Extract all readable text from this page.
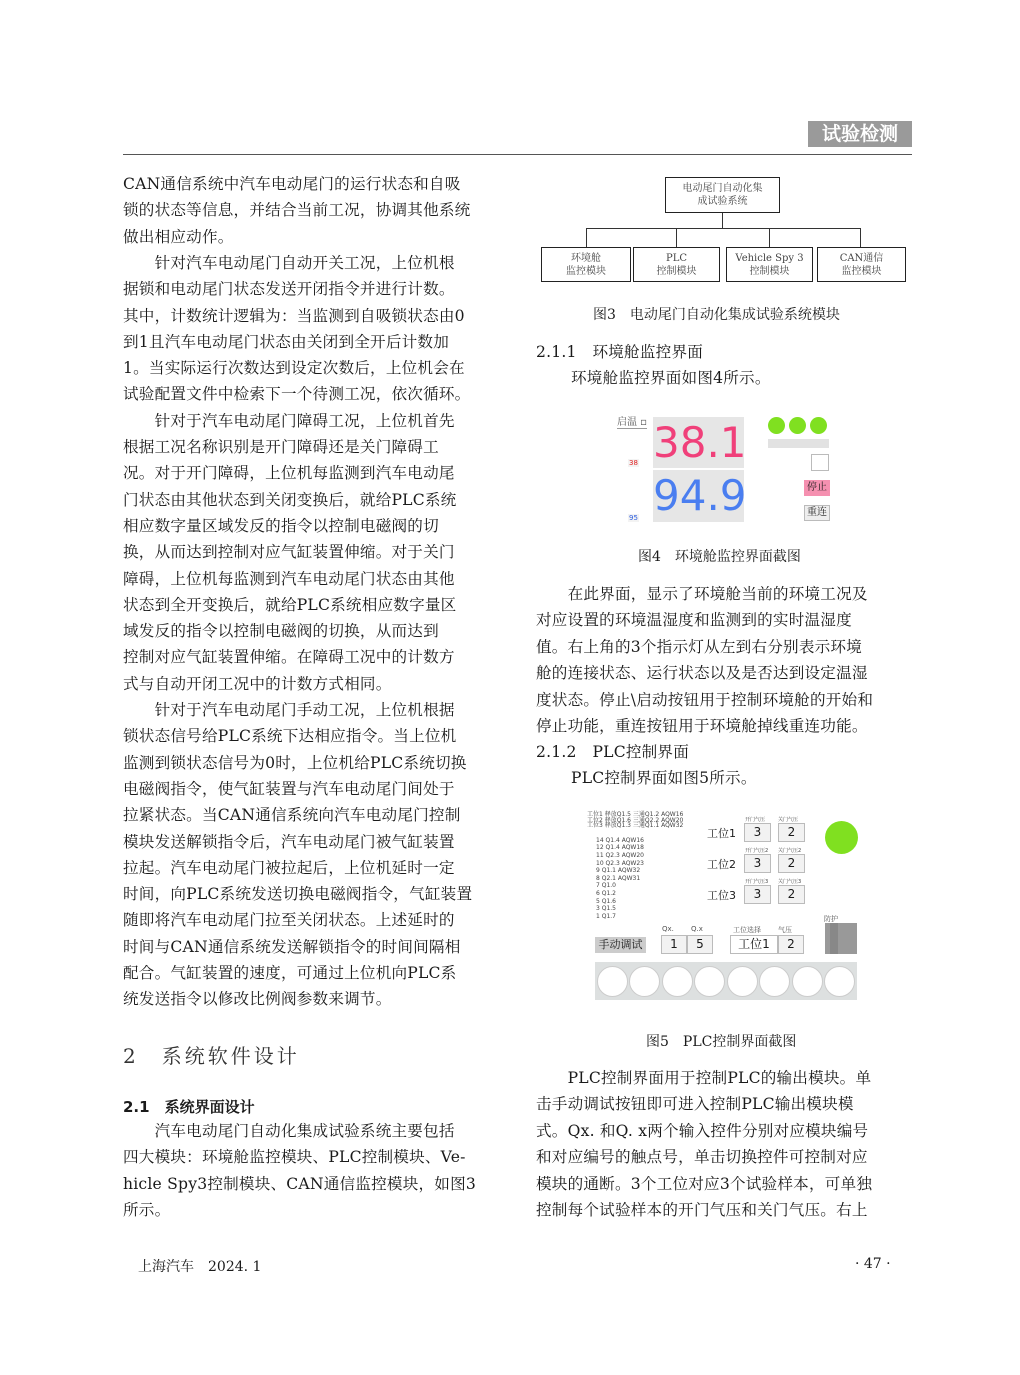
试验检测
CAN通信系统中汽车电动尾门的运行状态和自吸
锁的状态等信息，并结合当前工况，协调其他系统
做出相应动作。
　　针对汽车电动尾门自动开关工况，上位机根
据锁和电动尾门状态发送开闭指令并进行计数。
其中，计数统计逻辑为：当监测到自吸锁状态由0
到1且汽车电动尾门状态由关闭到全开后计数加
1。当实际运行次数达到设定次数后，上位机会在
试验配置文件中检索下一个待测工况，依次循环。
　　针对于汽车电动尾门障碍工况，上位机首先
根据工况名称识别是开门障碍还是关门障碍工
况。对于开门障碍，上位机每监测到汽车电动尾
门状态由其他状态到关闭变换后，就给PLC系统
相应数字量区域发反的指令以控制电磁阀的切
换，从而达到控制对应气缸装置伸缩。对于关门
障碍，上位机每监测到汽车电动尾门状态由其他
状态到全开变换后，就给PLC系统相应数字量区
域发反的指令以控制电磁阀的切换，从而达到
控制对应气缸装置伸缩。在障碍工况中的计数方
式与自动开闭工况中的计数方式相同。
　　针对于汽车电动尾门手动工况，上位机根据
锁状态信号给PLC系统下达相应指令。当上位机
监测到锁状态信号为0时，上位机给PLC系统切换
电磁阀指令，使气缸装置与汽车电动尾门间处于
拉紧状态。当CAN通信系统向汽车电动尾门控制
模块发送解锁指令后，汽车电动尾门被气缸装置
拉起。汽车电动尾门被拉起后，上位机延时一定
时间，向PLC系统发送切换电磁阀指令，气缸装置
随即将汽车电动尾门拉至关闭状态。上述延时的
时间与CAN通信系统发送解锁指令的时间间隔相
配合。气缸装置的速度，可通过上位机向PLC系
统发送指令以修改比例阀参数来调节。
2　系统软件设计
2.1　系统界面设计
　　汽车电动尾门自动化集成试验系统主要包括
四大模块：环境舱监控模块、PLC控制模块、Ve-
hicle Spy3控制模块、CAN通信监控模块，如图3
所示。
电动尾门自动化集
成试验系统
环境舱
监控模块
PLC
控制模块
Vehicle Spy 3
控制模块
CAN通信
监控模块
图3　电动尾门自动化集成试验系统模块
2.1.1　环境舱监控界面
环境舱监控界面如图4所示。
启温 ▫
38
95
38.1
94.9	停止
重连
图4　环境舱监控界面截图
　　在此界面，显示了环境舱当前的环境工况及
对应设置的环境温湿度和监测到的实时温湿度
值。右上角的3个指示灯从左到右分别表示环境
舱的连接状态、运行状态以及是否达到设定温湿
度状态。停止\启动按钮用于控制环境舱的开始和
停止功能，重连按钮用于环境舱掉线重连功能。
2.1.2　PLC控制界面
PLC控制界面如图5所示。
工位1 释放Q1.5 三通Q1.2 AQW16
工位2 释放Q1.6 三通Q2.2 AQW20
工位3 释放Q1.3 三通Q1.1 AQW32
14 Q1.4 AQW16
12 Q1.4 AQW18
11 Q2.3 AQW20
10 Q2.3 AQW23
9 Q1.1 AQW32
8 Q2.1 AQW31
7 Q1.0
6 Q1.2
5 Q1.6
3 Q1.5
1 Q1.7
工位1
开门气压	关门气压
3	2
工位2
开门气压2 关门气压2
3	2
工位3
开门气压3 关门气压3
3	2
手动调试
Qx. Q.x
1	5
工位选择 气压
工位1	2
防护
图5　PLC控制界面截图
　　PLC控制界面用于控制PLC的输出模块。单
击手动调试按钮即可进入控制PLC输出模块模
式。Qx. 和Q. x两个输入控件分别对应模块编号
和对应编号的触点号，单击切换控件可控制对应
模块的通断。3个工位对应3个试验样本，可单独
控制每个试验样本的开门气压和关门气压。右上
上海汽车　2024. 1	· 47 ·
